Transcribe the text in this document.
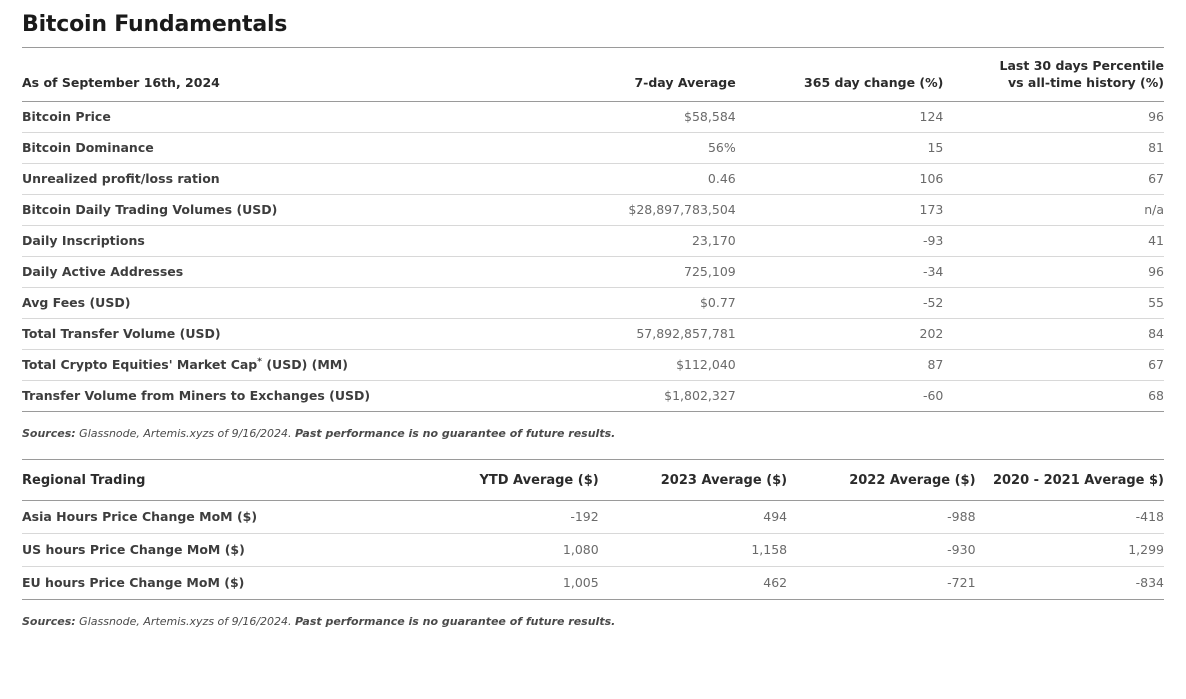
Bitcoin Fundamentals
As of September 16th, 2024	7-day Average	365 day change (%)	Last 30 days Percentile
vs all-time history (%)
Bitcoin Price	$58,584	124	96
Bitcoin Dominance	56%	15	81
Unrealized profit/loss ration	0.46	106	67
Bitcoin Daily Trading Volumes (USD)	$28,897,783,504	173	n/a
Daily Inscriptions	23,170	-93	41
Daily Active Addresses	725,109	-34	96
Avg Fees (USD)	$0.77	-52	55
Total Transfer Volume (USD)	57,892,857,781	202	84
Total Crypto Equities' Market Cap* (USD) (MM)	$112,040	87	67
Transfer Volume from Miners to Exchanges (USD)	$1,802,327	-60	68
Sources: Glassnode, Artemis.xyzs of 9/16/2024. Past performance is no guarantee of future results.
Regional Trading	YTD Average ($)	2023 Average ($)	2022 Average ($)	2020 - 2021 Average $)
Asia Hours Price Change MoM ($)	-192	494	-988	-418
US hours Price Change MoM ($)	1,080	1,158	-930	1,299
EU hours Price Change MoM ($)	1,005	462	-721	-834
Sources: Glassnode, Artemis.xyzs of 9/16/2024. Past performance is no guarantee of future results.
